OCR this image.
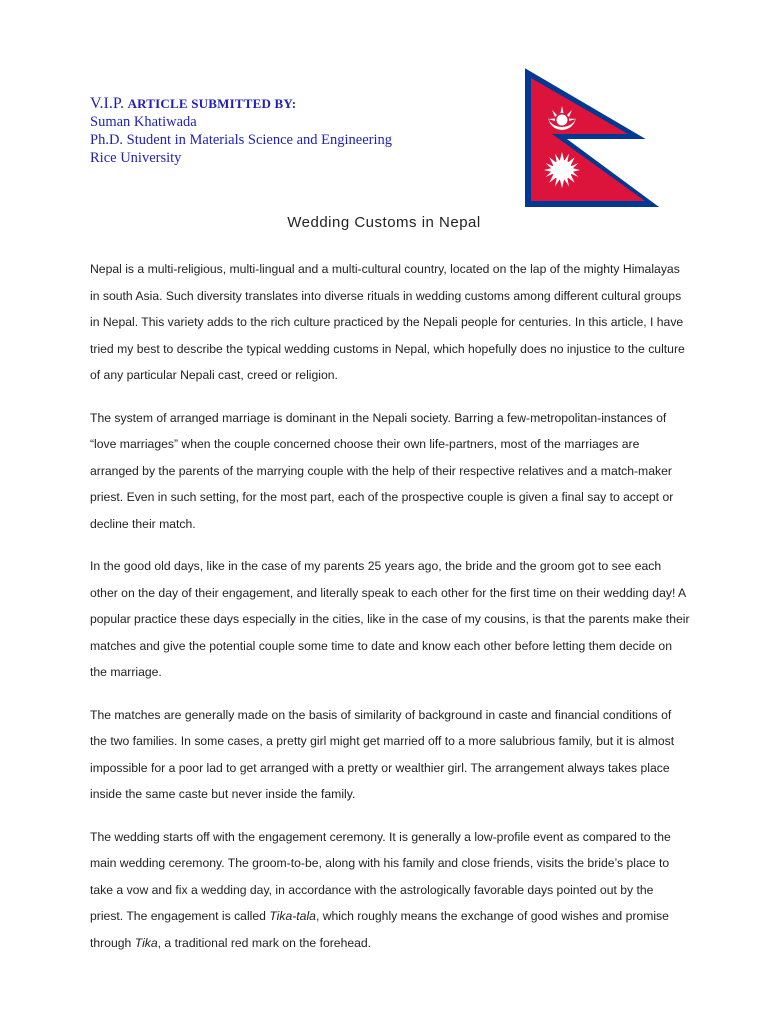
V.I.P. ARTICLE SUBMITTED BY:
Suman Khatiwada
Ph.D. Student in Materials Science and Engineering
Rice University
Wedding Customs in Nepal

Nepal is a multi-religious, multi-lingual and a multi-cultural country, located on the lap of the mighty Himalayas in south Asia. Such diversity translates into diverse rituals in wedding customs among different cultural groups in Nepal. This variety adds to the rich culture practiced by the Nepali people for centuries. In this article, I have tried my best to describe the typical wedding customs in Nepal, which hopefully does no injustice to the culture of any particular Nepali cast, creed or religion.

The system of arranged marriage is dominant in the Nepali society. Barring a few-metropolitan-instances of “love marriages” when the couple concerned choose their own life-partners, most of the marriages are arranged by the parents of the marrying couple with the help of their respective relatives and a match-maker priest. Even in such setting, for the most part, each of the prospective couple is given a final say to accept or decline their match.

In the good old days, like in the case of my parents 25 years ago, the bride and the groom got to see each other on the day of their engagement, and literally speak to each other for the first time on their wedding day! A popular practice these days especially in the cities, like in the case of my cousins, is that the parents make their matches and give the potential couple some time to date and know each other before letting them decide on the marriage.

The matches are generally made on the basis of similarity of background in caste and financial conditions of the two families. In some cases, a pretty girl might get married off to a more salubrious family, but it is almost impossible for a poor lad to get arranged with a pretty or wealthier girl. The arrangement always takes place inside the same caste but never inside the family.

The wedding starts off with the engagement ceremony. It is generally a low-profile event as compared to the main wedding ceremony. The groom-to-be, along with his family and close friends, visits the bride’s place to take a vow and fix a wedding day, in accordance with the astrologically favorable days pointed out by the priest. The engagement is called Tika-tala, which roughly means the exchange of good wishes and promise through Tika, a traditional red mark on the forehead.
